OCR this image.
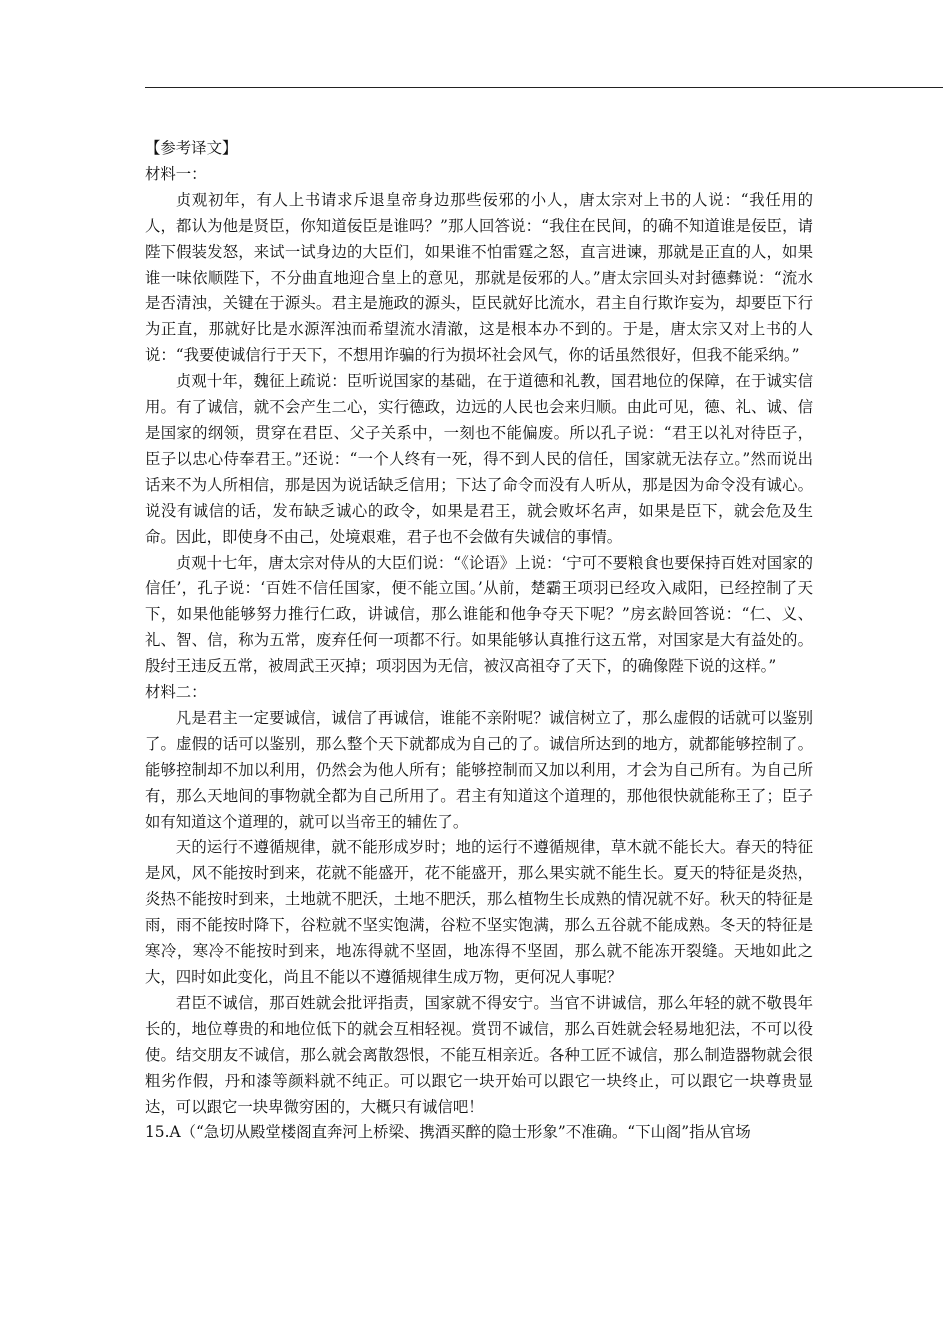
【参考译文】

材料一：

贞观初年，有人上书请求斥退皇帝身边那些佞邪的小人，唐太宗对上书的人说：“我任用的人，都认为他是贤臣，你知道佞臣是谁吗？”那人回答说：“我住在民间，的确不知道谁是佞臣，请陛下假装发怒，来试一试身边的大臣们，如果谁不怕雷霆之怒，直言进谏，那就是正直的人，如果谁一味依顺陛下，不分曲直地迎合皇上的意见，那就是佞邪的人。”唐太宗回头对封德彝说：“流水是否清浊，关键在于源头。君主是施政的源头，臣民就好比流水，君主自行欺诈妄为，却要臣下行为正直，那就好比是水源浑浊而希望流水清澈，这是根本办不到的。于是，唐太宗又对上书的人说：“我要使诚信行于天下，不想用诈骗的行为损坏社会风气，你的话虽然很好，但我不能采纳。”

贞观十年，魏征上疏说：臣听说国家的基础，在于道德和礼教，国君地位的保障，在于诚实信用。有了诚信，就不会产生二心，实行德政，边远的人民也会来归顺。由此可见，德、礼、诚、信是国家的纲领，贯穿在君臣、父子关系中，一刻也不能偏废。所以孔子说：“君王以礼对待臣子，臣子以忠心侍奉君王。”还说：“一个人终有一死，得不到人民的信任，国家就无法存立。”然而说出话来不为人所相信，那是因为说话缺乏信用；下达了命令而没有人听从，那是因为命令没有诚心。说没有诚信的话，发布缺乏诚心的政令，如果是君王，就会败坏名声，如果是臣下，就会危及生命。因此，即使身不由己，处境艰难，君子也不会做有失诚信的事情。

贞观十七年，唐太宗对侍从的大臣们说：“《论语》上说：‘宁可不要粮食也要保持百姓对国家的信任’，孔子说：‘百姓不信任国家，便不能立国。’从前，楚霸王项羽已经攻入咸阳，已经控制了天下，如果他能够努力推行仁政，讲诚信，那么谁能和他争夺天下呢？”房玄龄回答说：“仁、义、礼、智、信，称为五常，废弃任何一项都不行。如果能够认真推行这五常，对国家是大有益处的。殷纣王违反五常，被周武王灭掉；项羽因为无信，被汉高祖夺了天下，的确像陛下说的这样。”

材料二：

凡是君主一定要诚信，诚信了再诚信，谁能不亲附呢？诚信树立了，那么虚假的话就可以鉴别了。虚假的话可以鉴别，那么整个天下就都成为自己的了。诚信所达到的地方，就都能够控制了。能够控制却不加以利用，仍然会为他人所有；能够控制而又加以利用，才会为自己所有。为自己所有，那么天地间的事物就全都为自己所用了。君主有知道这个道理的，那他很快就能称王了；臣子如有知道这个道理的，就可以当帝王的辅佐了。

天的运行不遵循规律，就不能形成岁时；地的运行不遵循规律，草木就不能长大。春天的特征是风，风不能按时到来，花就不能盛开，花不能盛开，那么果实就不能生长。夏天的特征是炎热，炎热不能按时到来，土地就不肥沃，土地不肥沃，那么植物生长成熟的情况就不好。秋天的特征是雨，雨不能按时降下，谷粒就不坚实饱满，谷粒不坚实饱满，那么五谷就不能成熟。冬天的特征是寒冷，寒冷不能按时到来，地冻得就不坚固，地冻得不坚固，那么就不能冻开裂缝。天地如此之大，四时如此变化，尚且不能以不遵循规律生成万物，更何况人事呢？

君臣不诚信，那百姓就会批评指责，国家就不得安宁。当官不讲诚信，那么年轻的就不敬畏年长的，地位尊贵的和地位低下的就会互相轻视。赏罚不诚信，那么百姓就会轻易地犯法，不可以役使。结交朋友不诚信，那么就会离散怨恨，不能互相亲近。各种工匠不诚信，那么制造器物就会很粗劣作假，丹和漆等颜料就不纯正。可以跟它一块开始可以跟它一块终止，可以跟它一块尊贵显达，可以跟它一块卑微穷困的，大概只有诚信吧！

15.A（“急切从殿堂楼阁直奔河上桥梁、携酒买醉的隐士形象”不准确。“下山阁”指从官场
